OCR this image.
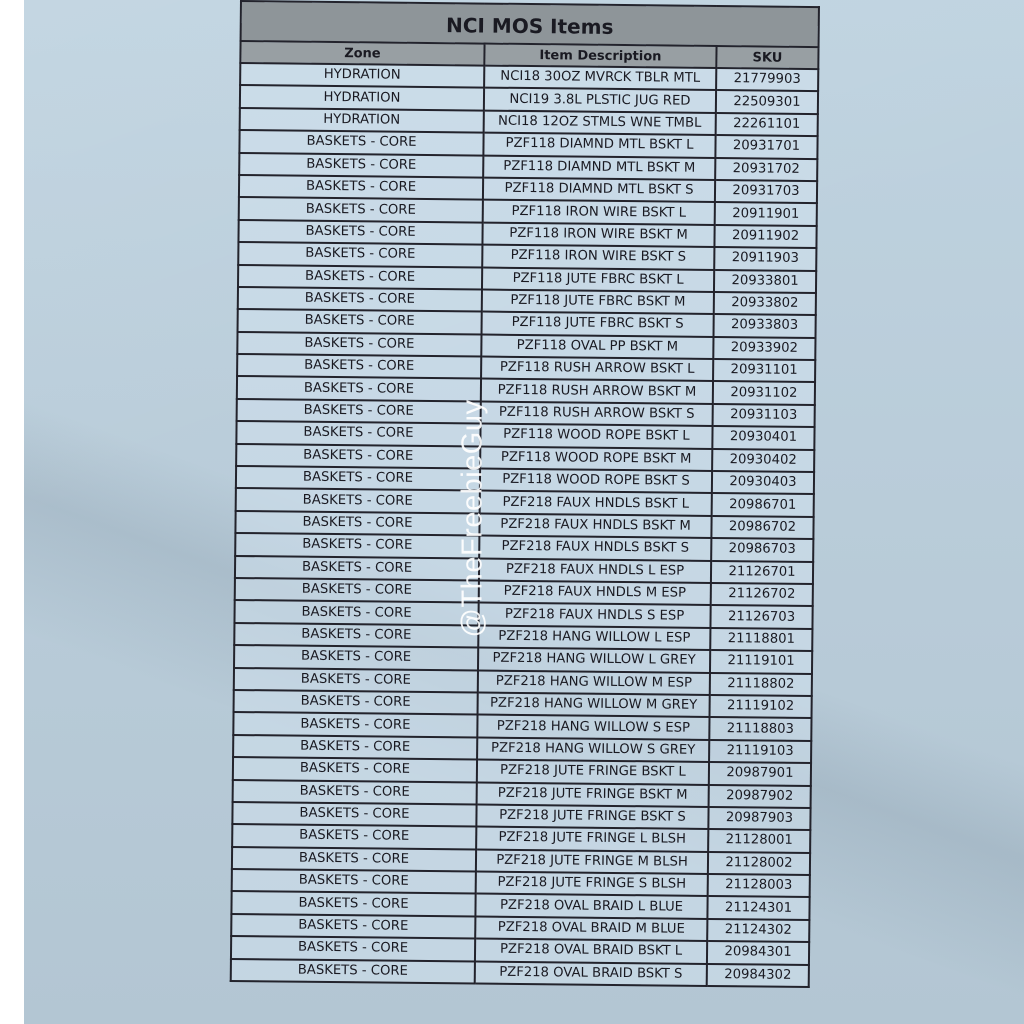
NCI MOS Items		
Zone	Item Description	SKU
HYDRATION	NCI18 30OZ MVRCK TBLR MTL	21779903
HYDRATION	NCI19 3.8L PLSTIC JUG RED	22509301
HYDRATION	NCI18 12OZ STMLS WNE TMBL	22261101
BASKETS - CORE	PZF118 DIAMND MTL BSKT L	20931701
BASKETS - CORE	PZF118 DIAMND MTL BSKT M	20931702
BASKETS - CORE	PZF118 DIAMND MTL BSKT S	20931703
BASKETS - CORE	PZF118 IRON WIRE BSKT L	20911901
BASKETS - CORE	PZF118 IRON WIRE BSKT M	20911902
BASKETS - CORE	PZF118 IRON WIRE BSKT S	20911903
BASKETS - CORE	PZF118 JUTE FBRC BSKT L	20933801
BASKETS - CORE	PZF118 JUTE FBRC BSKT M	20933802
BASKETS - CORE	PZF118 JUTE FBRC BSKT S	20933803
BASKETS - CORE	PZF118 OVAL PP BSKT M	20933902
BASKETS - CORE	PZF118 RUSH ARROW BSKT L	20931101
BASKETS - CORE	PZF118 RUSH ARROW BSKT M	20931102
BASKETS - CORE	PZF118 RUSH ARROW BSKT S	20931103
BASKETS - CORE	PZF118 WOOD ROPE BSKT L	20930401
BASKETS - CORE	PZF118 WOOD ROPE BSKT M	20930402
BASKETS - CORE	PZF118 WOOD ROPE BSKT S	20930403
BASKETS - CORE	PZF218 FAUX HNDLS BSKT L	20986701
BASKETS - CORE	PZF218 FAUX HNDLS BSKT M	20986702
BASKETS - CORE	PZF218 FAUX HNDLS BSKT S	20986703
BASKETS - CORE	PZF218 FAUX HNDLS L ESP	21126701
BASKETS - CORE	PZF218 FAUX HNDLS M ESP	21126702
BASKETS - CORE	PZF218 FAUX HNDLS S ESP	21126703
BASKETS - CORE	PZF218 HANG WILLOW L ESP	21118801
BASKETS - CORE	PZF218 HANG WILLOW L GREY	21119101
BASKETS - CORE	PZF218 HANG WILLOW M ESP	21118802
BASKETS - CORE	PZF218 HANG WILLOW M GREY	21119102
BASKETS - CORE	PZF218 HANG WILLOW S ESP	21118803
BASKETS - CORE	PZF218 HANG WILLOW S GREY	21119103
BASKETS - CORE	PZF218 JUTE FRINGE BSKT L	20987901
BASKETS - CORE	PZF218 JUTE FRINGE BSKT M	20987902
BASKETS - CORE	PZF218 JUTE FRINGE BSKT S	20987903
BASKETS - CORE	PZF218 JUTE FRINGE L BLSH	21128001
BASKETS - CORE	PZF218 JUTE FRINGE M BLSH	21128002
BASKETS - CORE	PZF218 JUTE FRINGE S BLSH	21128003
BASKETS - CORE	PZF218 OVAL BRAID L BLUE	21124301
BASKETS - CORE	PZF218 OVAL BRAID M BLUE	21124302
BASKETS - CORE	PZF218 OVAL BRAID BSKT L	20984301
BASKETS - CORE	PZF218 OVAL BRAID BSKT S	20984302
@TheFreebieGuy
